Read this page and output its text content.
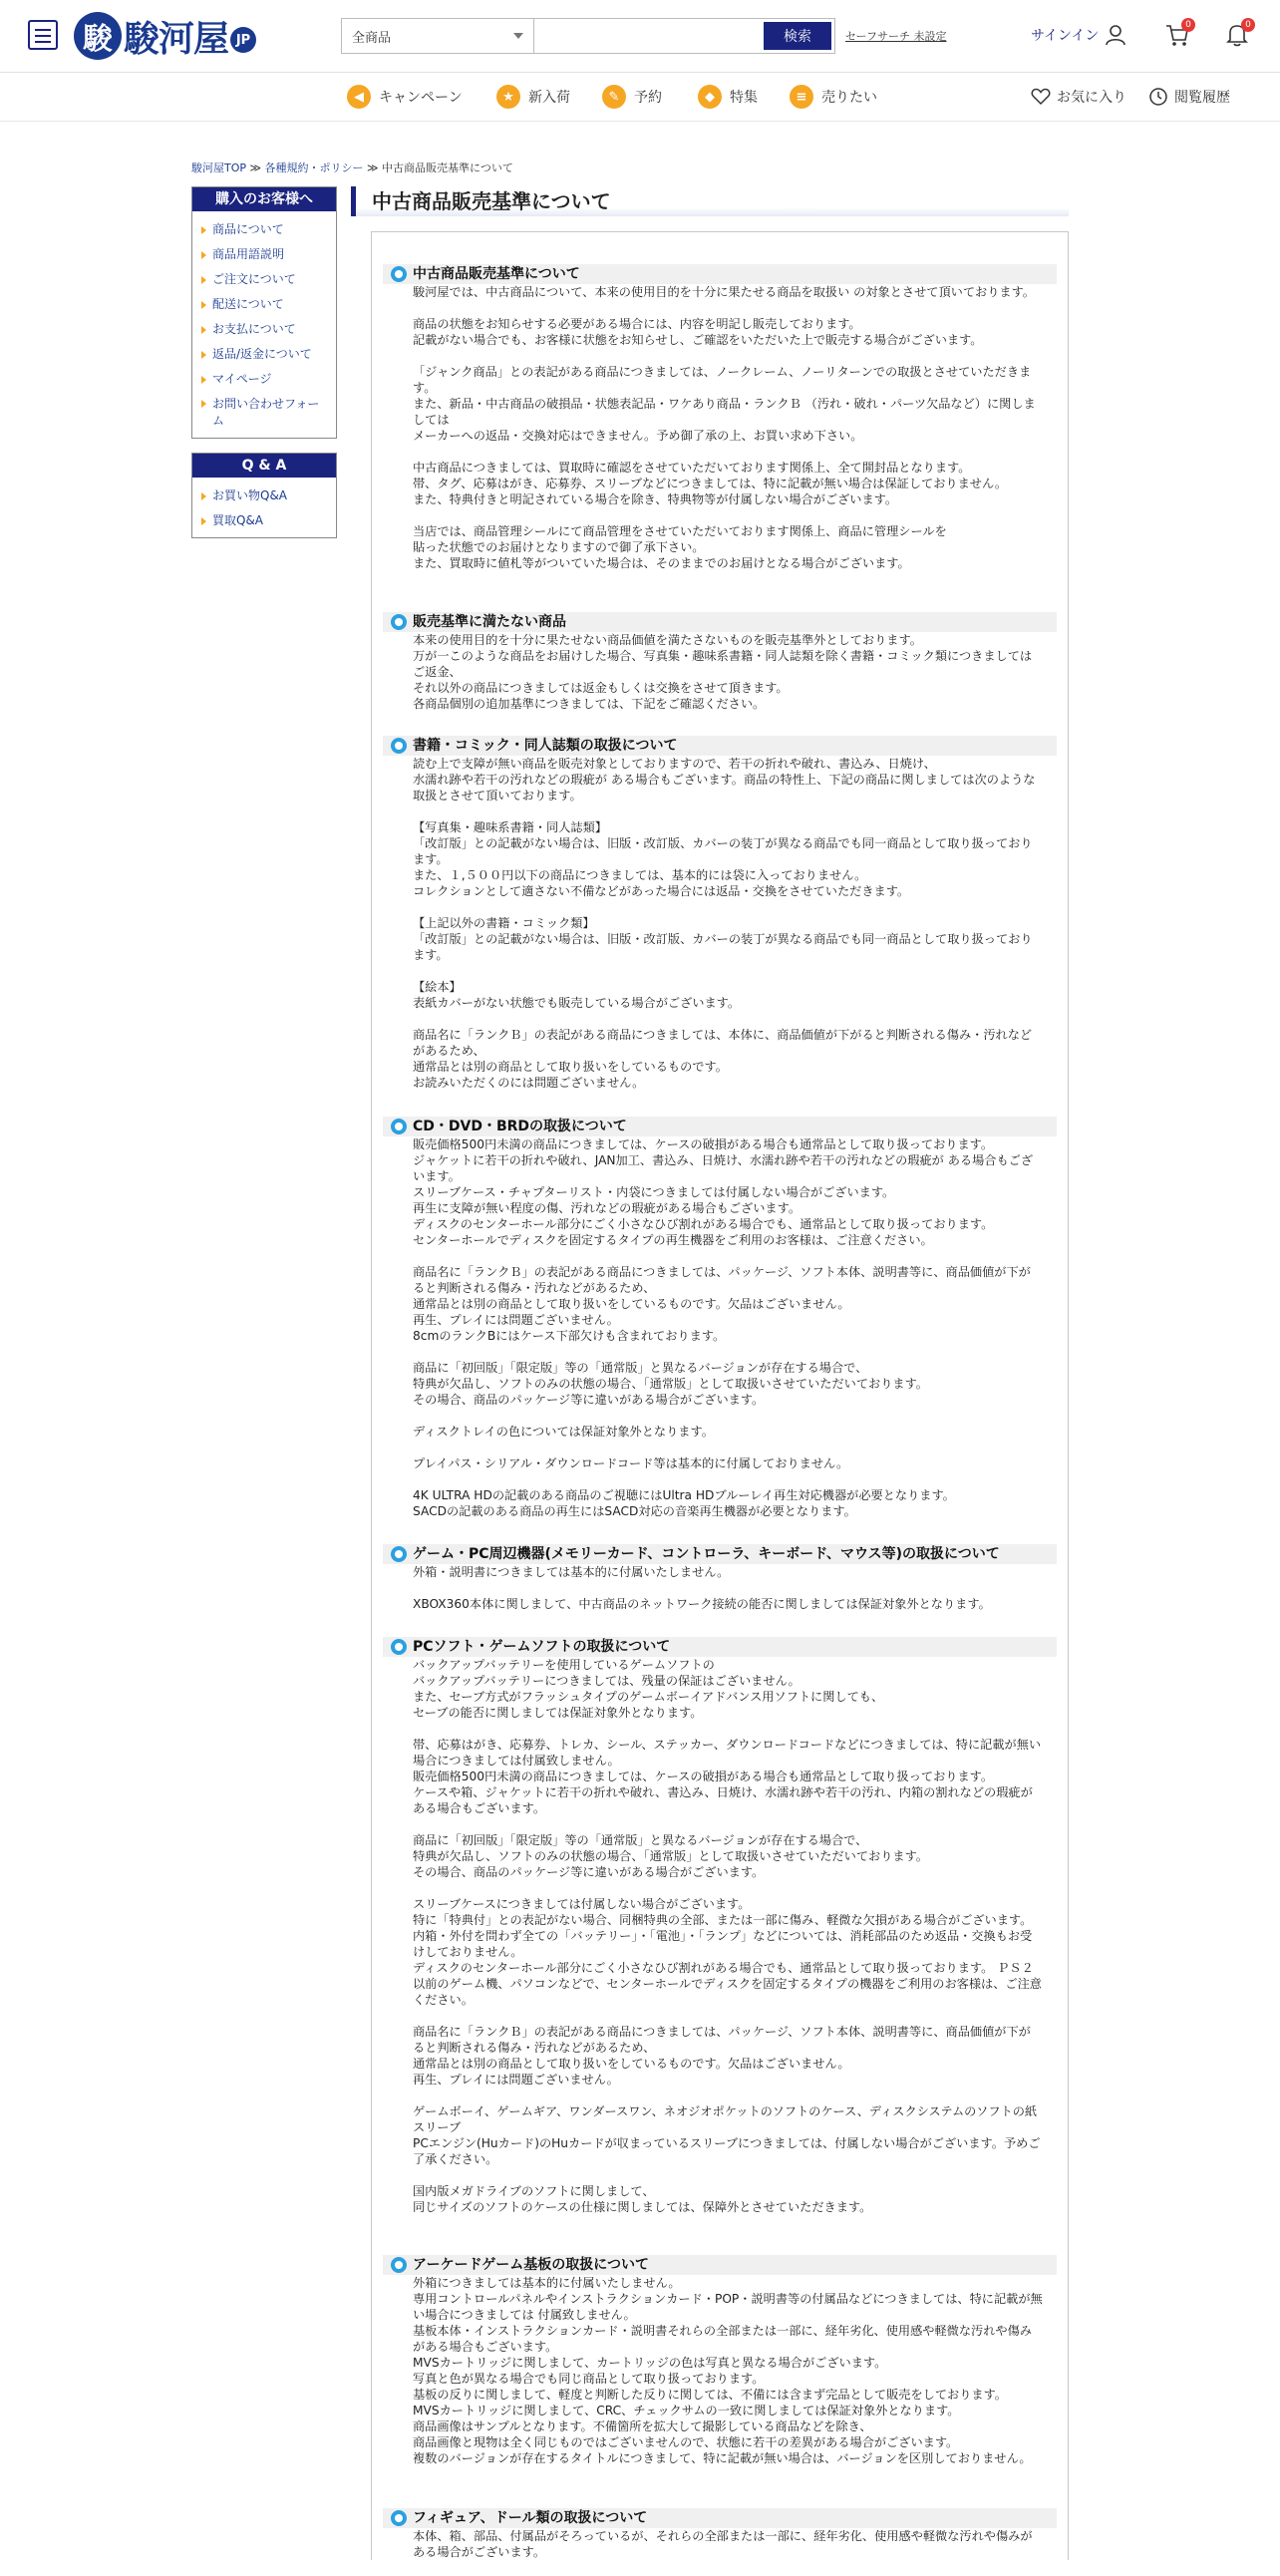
駿 駿河屋 JP	全商品	検索	セーフサーチ 未設定	サインイン
0	0
◀	キャンペーン	★	新入荷	✎	予約	◆	特集	≡	売りたい	お気に入り	閲覧履歴
駿河屋TOP ≫ 各種規約・ポリシー ≫ 中古商品販売基準について
購入のお客様へ
商品について
商品用語説明
ご注文について
配送について
お支払について
返品/返金について
マイページ
お問い合わせフォーム
Q & A
お買い物Q&A
買取Q&A
中古商品販売基準について
中古商品販売基準について

駿河屋では、中古商品について、本来の使用目的を十分に果たせる商品を取扱い の対象とさせて頂いております。

商品の状態をお知らせする必要がある場合には、内容を明記し販売しております。
記載がない場合でも、お客様に状態をお知らせし、ご確認をいただいた上で販売する場合がございます。

「ジャンク商品」との表記がある商品につきましては、ノークレーム、ノーリターンでの取扱とさせていただきます。
また、新品・中古商品の破損品・状態表記品・ワケあり商品・ランクＢ （汚れ・破れ・パーツ欠品など）に関しましては
メーカーへの返品・交換対応はできません。予め御了承の上、お買い求め下さい。

中古商品につきましては、買取時に確認をさせていただいております関係上、全て開封品となります。
帯、タグ、応募はがき、応募券、スリーブなどにつきましては、特に記載が無い場合は保証しておりません。
また、特典付きと明記されている場合を除き、特典物等が付属しない場合がございます。

当店では、商品管理シールにて商品管理をさせていただいております関係上、商品に管理シールを
貼った状態でのお届けとなりますので御了承下さい。
また、買取時に値札等がついていた場合は、そのままでのお届けとなる場合がございます。

販売基準に満たない商品

本来の使用目的を十分に果たせない商品価値を満たさないものを販売基準外としております。
万が一このような商品をお届けした場合、写真集・趣味系書籍・同人誌類を除く書籍・コミック類につきましてはご返金、
それ以外の商品につきましては返金もしくは交換をさせて頂きます。
各商品個別の追加基準につきましては、下記をご確認ください。

書籍・コミック・同人誌類の取扱について

読む上で支障が無い商品を販売対象としておりますので、若干の折れや破れ、書込み、日焼け、
水濡れ跡や若干の汚れなどの瑕疵が ある場合もございます。商品の特性上、下記の商品に関しましては次のような取扱とさせて頂いております。

【写真集・趣味系書籍・同人誌類】
「改訂版」との記載がない場合は、旧版・改訂版、カバーの装丁が異なる商品でも同一商品として取り扱っております。
また、１,５００円以下の商品につきましては、基本的には袋に入っておりません。
コレクションとして適さない不備などがあった場合には返品・交換をさせていただきます。

【上記以外の書籍・コミック類】
「改訂版」との記載がない場合は、旧版・改訂版、カバーの装丁が異なる商品でも同一商品として取り扱っております。

【絵本】
表紙カバーがない状態でも販売している場合がございます。

商品名に「ランクＢ」の表記がある商品につきましては、本体に、商品価値が下がると判断される傷み・汚れなどがあるため、
通常品とは別の商品として取り扱いをしているものです。
お読みいただくのには問題ございません。

CD・DVD・BRDの取扱について

販売価格500円未満の商品につきましては、ケースの破損がある場合も通常品として取り扱っております。
ジャケットに若干の折れや破れ、JAN加工、書込み、日焼け、水濡れ跡や若干の汚れなどの瑕疵が ある場合もございます。
スリーブケース・チャプターリスト・内袋につきましては付属しない場合がございます。
再生に支障が無い程度の傷、汚れなどの瑕疵がある場合もございます。
ディスクのセンターホール部分にごく小さなひび割れがある場合でも、通常品として取り扱っております。
センターホールでディスクを固定するタイプの再生機器をご利用のお客様は、ご注意ください。

商品名に「ランクＢ」の表記がある商品につきましては、パッケージ、ソフト本体、説明書等に、商品価値が下がると判断される傷み・汚れなどがあるため、
通常品とは別の商品として取り扱いをしているものです。欠品はございません。
再生、プレイには問題ございません。
8cmのランクBにはケース下部欠けも含まれております。

商品に「初回版」「限定版」等の「通常版」と異なるバージョンが存在する場合で、
特典が欠品し、ソフトのみの状態の場合、「通常版」として取扱いさせていただいております。
その場合、商品のパッケージ等に違いがある場合がございます。

ディスクトレイの色については保証対象外となります。

プレイパス・シリアル・ダウンロードコード等は基本的に付属しておりません。

4K ULTRA HDの記載のある商品のご視聴にはUltra HDブルーレイ再生対応機器が必要となります。
SACDの記載のある商品の再生にはSACD対応の音楽再生機器が必要となります。

ゲーム・PC周辺機器(メモリーカード、コントローラ、キーボード、マウス等)の取扱について

外箱・説明書につきましては基本的に付属いたしません。

XBOX360本体に関しまして、中古商品のネットワーク接続の能否に関しましては保証対象外となります。

PCソフト・ゲームソフトの取扱について

バックアップバッテリーを使用しているゲームソフトの
バックアップバッテリーにつきましては、残量の保証はございません。
また、セーブ方式がフラッシュタイプのゲームボーイアドバンス用ソフトに関しても、
セーブの能否に関しましては保証対象外となります。

帯、応募はがき、応募券、トレカ、シール、ステッカー、ダウンロードコードなどにつきましては、特に記載が無い場合につきましては付属致しません。
販売価格500円未満の商品につきましては、ケースの破損がある場合も通常品として取り扱っております。
ケースや箱、ジャケットに若干の折れや破れ、書込み、日焼け、水濡れ跡や若干の汚れ、内箱の割れなどの瑕疵がある場合もございます。

商品に「初回版」「限定版」等の「通常版」と異なるバージョンが存在する場合で、
特典が欠品し、ソフトのみの状態の場合、「通常版」として取扱いさせていただいております。
その場合、商品のパッケージ等に違いがある場合がございます。

スリーブケースにつきましては付属しない場合がございます。
特に「特典付」との表記がない場合、同梱特典の全部、または一部に傷み、軽微な欠損がある場合がございます。
内箱・外付を問わず全ての「バッテリー」・「電池」・「ランプ」などについては、消耗部品のため返品・交換もお受けしておりません。
ディスクのセンターホール部分にごく小さなひび割れがある場合でも、通常品として取り扱っております。 ＰＳ２以前のゲーム機、パソコンなどで、センターホールでディスクを固定するタイプの機器をご利用のお客様は、ご注意ください。

商品名に「ランクＢ」の表記がある商品につきましては、パッケージ、ソフト本体、説明書等に、商品価値が下がると判断される傷み・汚れなどがあるため、
通常品とは別の商品として取り扱いをしているものです。欠品はございません。
再生、プレイには問題ございません。

ゲームボーイ、ゲームギア、ワンダースワン、ネオジオポケットのソフトのケース、ディスクシステムのソフトの紙スリーブ
PCエンジン(Huカード)のHuカードが収まっているスリーブにつきましては、付属しない場合がございます。予めご了承ください。

国内版メガドライブのソフトに関しまして、
同じサイズのソフトのケースの仕様に関しましては、保障外とさせていただきます。

アーケードゲーム基板の取扱について

外箱につきましては基本的に付属いたしません。
専用コントロールパネルやインストラクションカード・POP・説明書等の付属品などにつきましては、特に記載が無い場合につきましては 付属致しません。
基板本体・インストラクションカード・説明書それらの全部または一部に、経年劣化、使用感や軽微な汚れや傷みがある場合もございます。
MVSカートリッジに関しまして、カートリッジの色は写真と異なる場合がございます。
写真と色が異なる場合でも同じ商品として取り扱っております。
基板の反りに関しまして、軽度と判断した反りに関しては、不備には含まず完品として販売をしております。
MVSカートリッジに関しまして、CRC、チェックサムの一致に関しましては保証対象外となります。
商品画像はサンプルとなります。不備箇所を拡大して撮影している商品などを除き、
商品画像と現物は全く同じものではございませんので、状態に若干の差異がある場合がございます。
複数のバージョンが存在するタイトルにつきまして、特に記載が無い場合は、バージョンを区別しておりません。

フィギュア、ドール類の取扱について

本体、箱、部品、付属品がそろっているが、それらの全部または一部に、経年劣化、使用感や軽微な汚れや傷みがある場合がございます。
